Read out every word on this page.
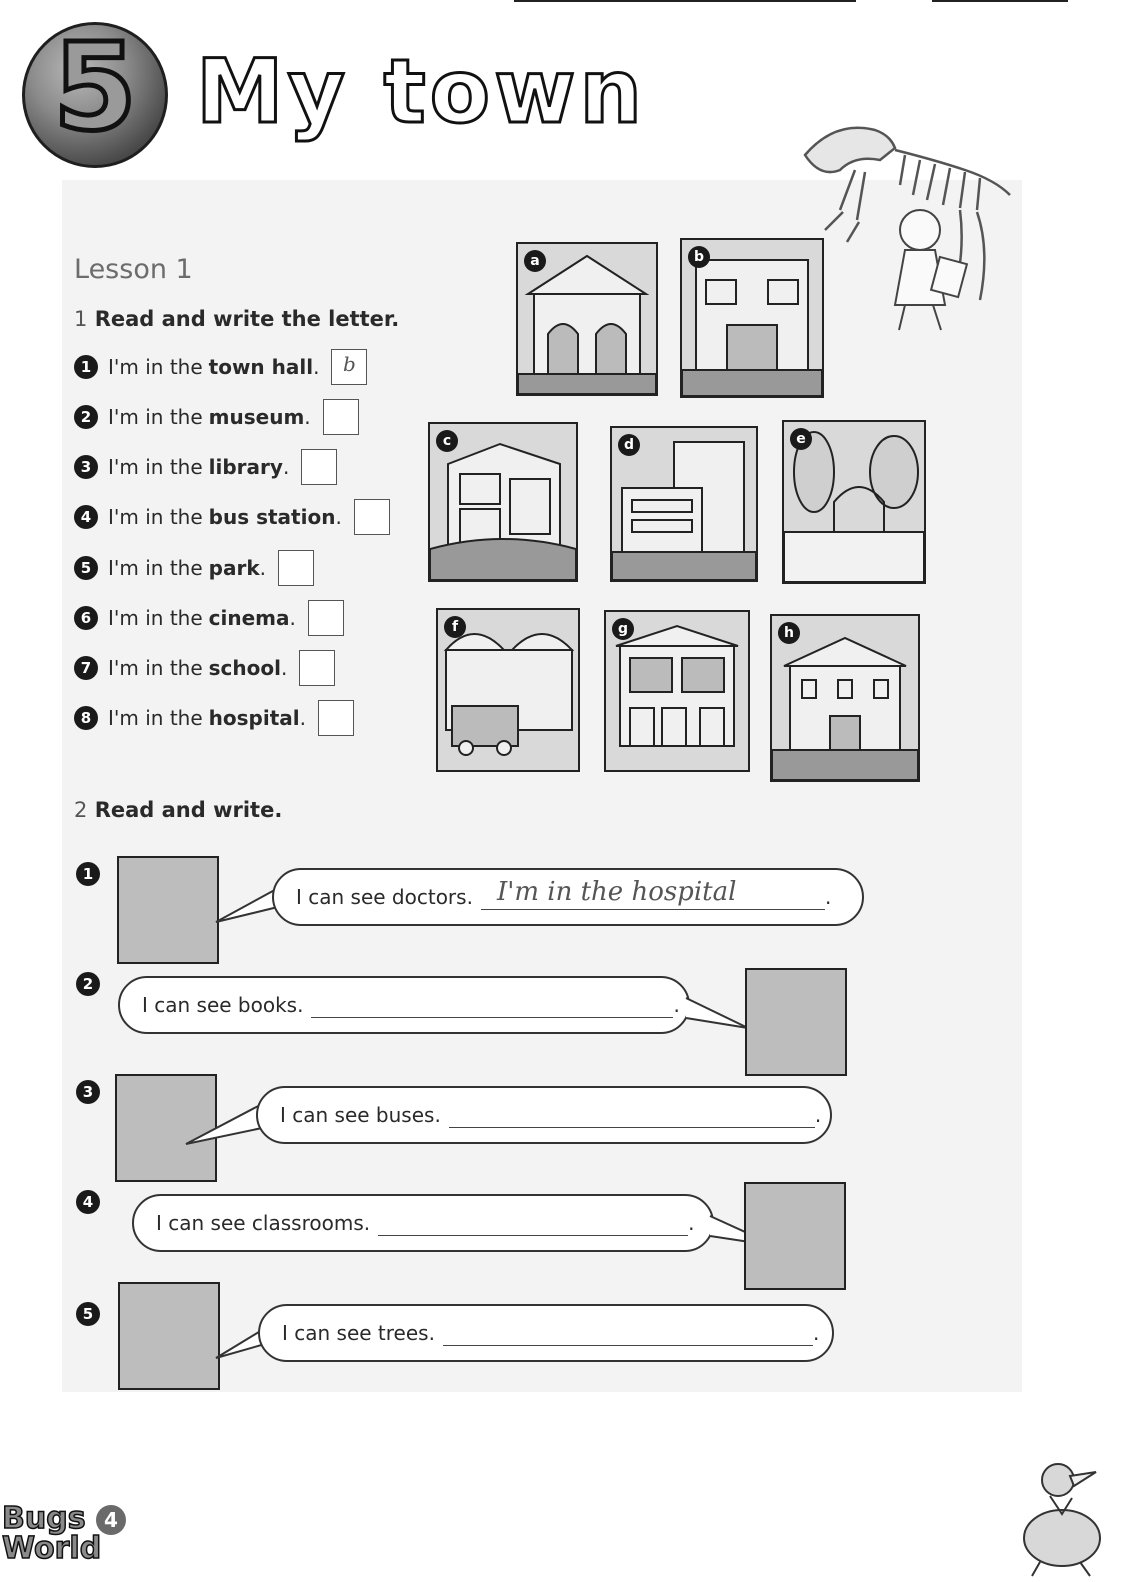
5 My town
Lesson 1
1 Read and write the letter.
1 I'm in the town hall .	b
2 I'm in the museum .
3 I'm in the library .
4 I'm in the bus station .
5 I'm in the park .
6 I'm in the cinema .
7 I'm in the school .
8 I'm in the hospital .
a	b
c	d	e
f	g	h
2 Read and write.
1
I can see doctors. I'm in the hospital	.
2
I can see books.	.
3
I can see buses.	.
4
I can see classrooms.	.
5
I can see trees.	.
Bugs 4
World
